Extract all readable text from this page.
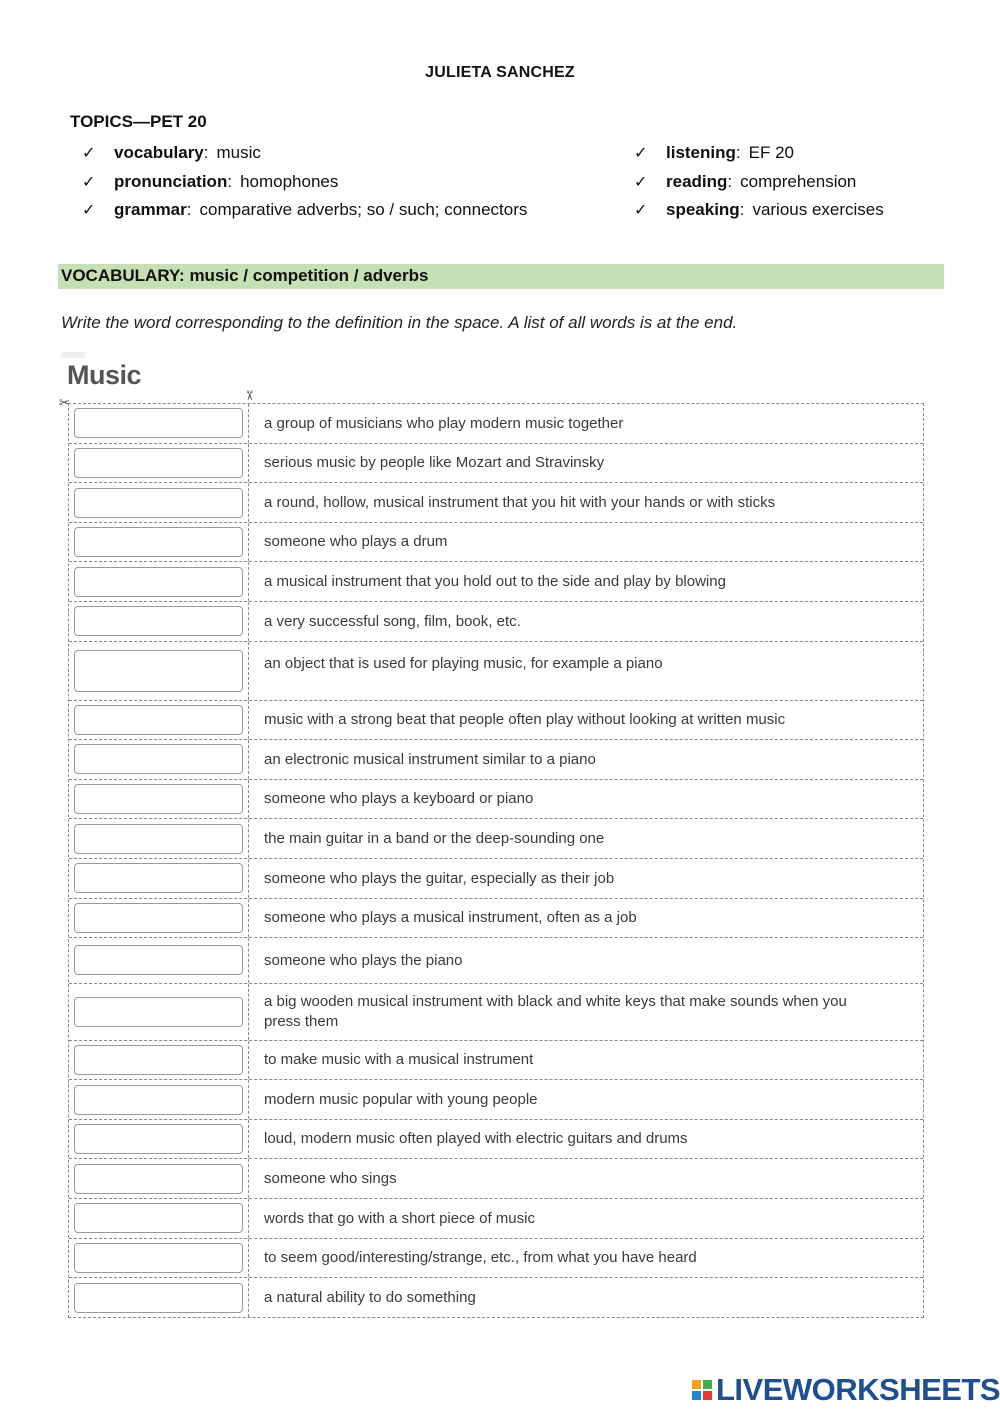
JULIETA SANCHEZ
TOPICS—PET 20
✓	vocabulary : music
✓	pronunciation : homophones
✓	grammar : comparative adverbs; so / such; connectors
✓	listening : EF 20
✓	reading : comprehension
✓	speaking : various exercises
VOCABULARY: music / competition / adverbs
Write the word corresponding to the definition in the space. A list of all words is at the end.
Music
✂	✂
a group of musicians who play modern music together
serious music by people like Mozart and Stravinsky
a round, hollow, musical instrument that you hit with your hands or with sticks
someone who plays a drum
a musical instrument that you hold out to the side and play by blowing
a very successful song, film, book, etc.
an object that is used for playing music, for example a piano
music with a strong beat that people often play without looking at written music
an electronic musical instrument similar to a piano
someone who plays a keyboard or piano
the main guitar in a band or the deep-sounding one
someone who plays the guitar, especially as their job
someone who plays a musical instrument, often as a job
someone who plays the piano
a big wooden musical instrument with black and white keys that make sounds when you press them
to make music with a musical instrument
modern music popular with young people
loud, modern music often played with electric guitars and drums
someone who sings
words that go with a short piece of music
to seem good/interesting/strange, etc., from what you have heard
a natural ability to do something
LIVEWORKSHEETS
